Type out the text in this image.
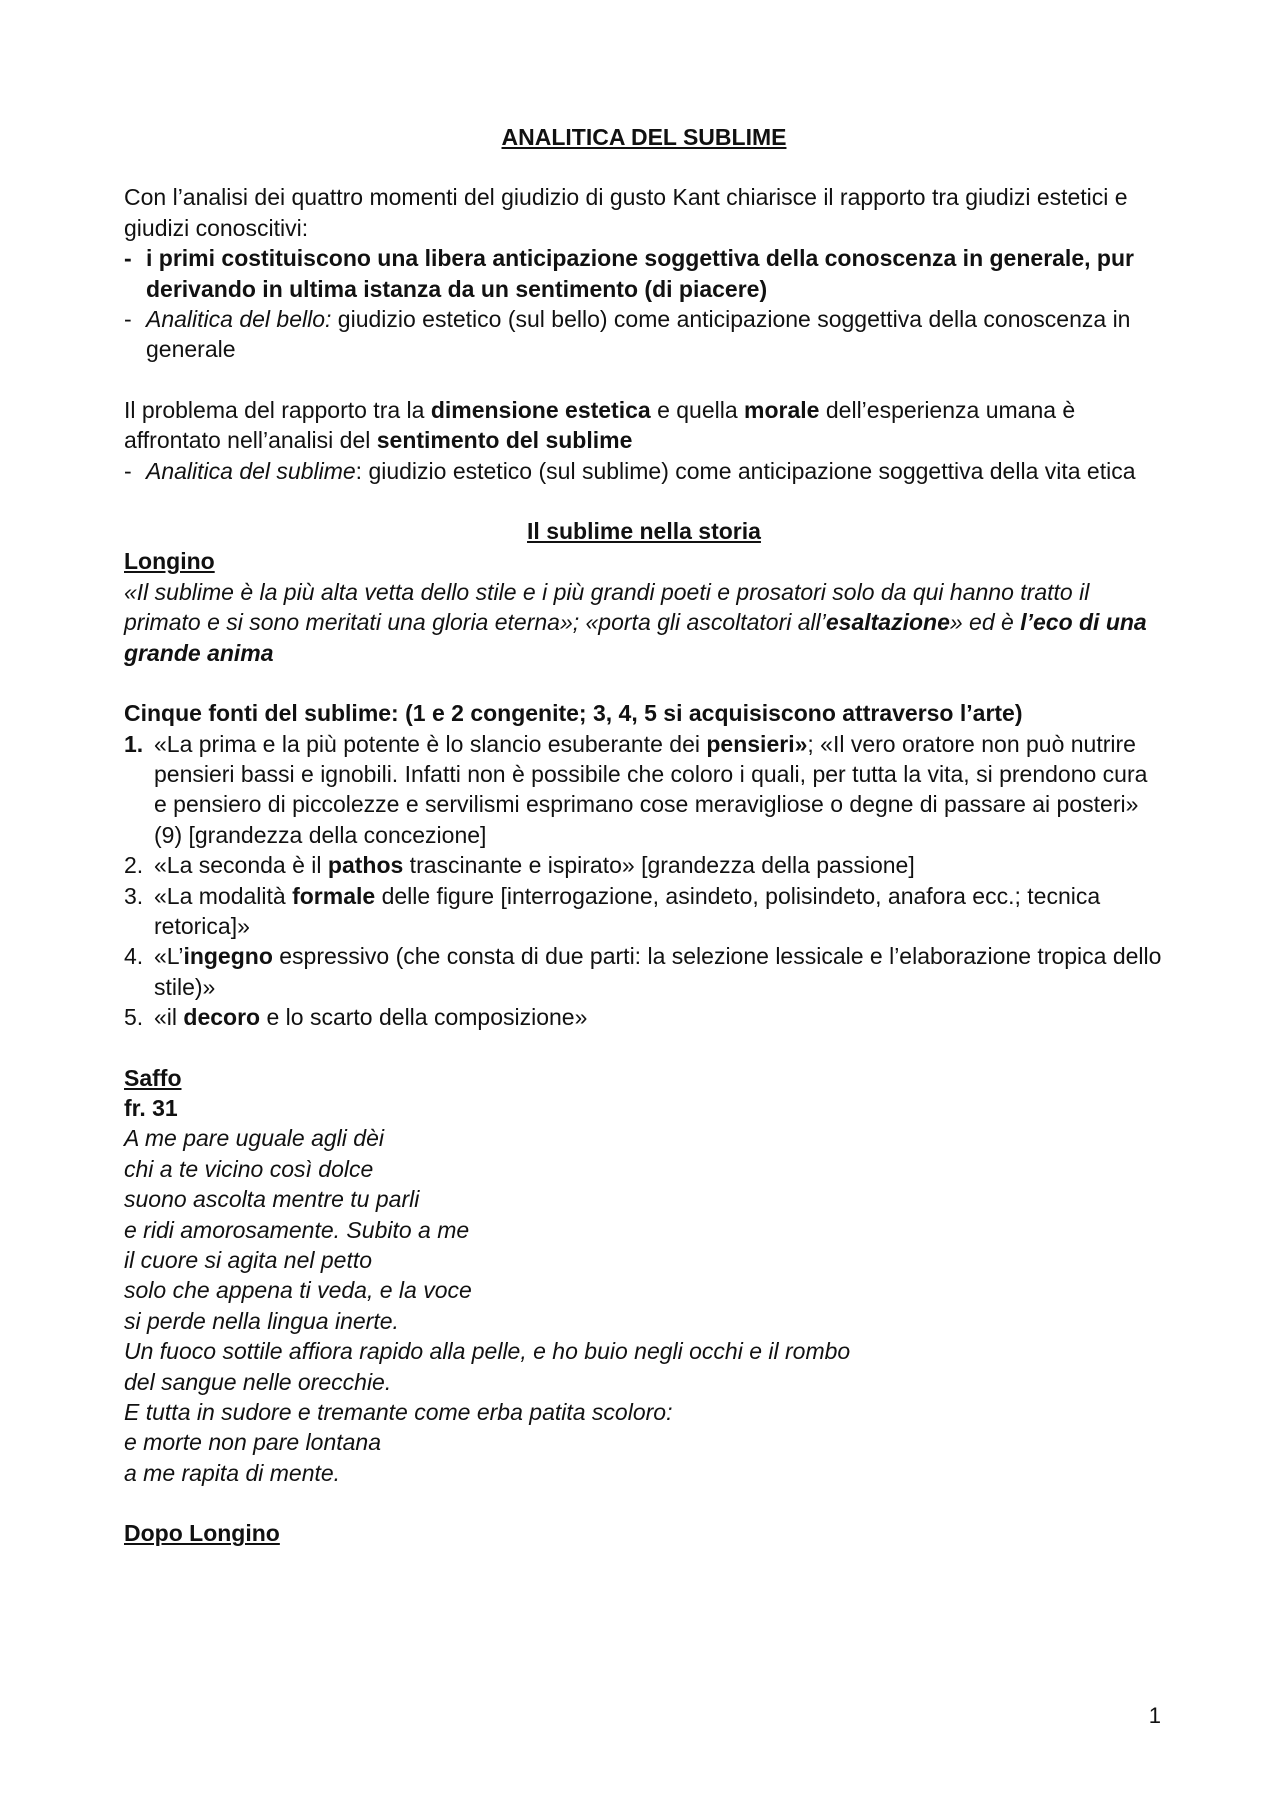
ANALITICA DEL SUBLIME

Con l’analisi dei quattro momenti del giudizio di gusto Kant chiarisce il rapporto tra giudizi estetici e giudizi conoscitivi:

- i primi costituiscono una libera anticipazione soggettiva della conoscenza in generale, pur derivando in ultima istanza da un sentimento (di piacere)

- Analitica del bello: giudizio estetico (sul bello) come anticipazione soggettiva della conoscenza in generale

Il problema del rapporto tra la dimensione estetica e quella morale dell’esperienza umana è affrontato nell’analisi del sentimento del sublime

- Analitica del sublime: giudizio estetico (sul sublime) come anticipazione soggettiva della vita etica

Il sublime nella storia

Longino

«Il sublime è la più alta vetta dello stile e i più grandi poeti e prosatori solo da qui hanno tratto il primato e si sono meritati una gloria eterna»; «porta gli ascoltatori all’esaltazione» ed è l’eco di una grande anima

Cinque fonti del sublime: (1 e 2 congenite; 3, 4, 5 si acquisiscono attraverso l’arte)

1. «La prima e la più potente è lo slancio esuberante dei pensieri»; «Il vero oratore non può nutrire pensieri bassi e ignobili. Infatti non è possibile che coloro i quali, per tutta la vita, si prendono cura e pensiero di piccolezze e servilismi esprimano cose meravigliose o degne di passare ai posteri» (9) [grandezza della concezione]
2. «La seconda è il pathos trascinante e ispirato» [grandezza della passione]
3. «La modalità formale delle figure [interrogazione, asindeto, polisindeto, anafora ecc.; tecnica retorica]»
4. «L’ingegno espressivo (che consta di due parti: la selezione lessicale e l’elaborazione tropica dello stile)»
5. «il decoro e lo scarto della composizione»

Saffo

fr. 31

A me pare uguale agli dèi

chi a te vicino così dolce

suono ascolta mentre tu parli

e ridi amorosamente. Subito a me

il cuore si agita nel petto

solo che appena ti veda, e la voce

si perde nella lingua inerte.

Un fuoco sottile affiora rapido alla pelle, e ho buio negli occhi e il rombo

del sangue nelle orecchie.

E tutta in sudore e tremante come erba patita scoloro:

e morte non pare lontana

a me rapita di mente.

Dopo Longino

1
